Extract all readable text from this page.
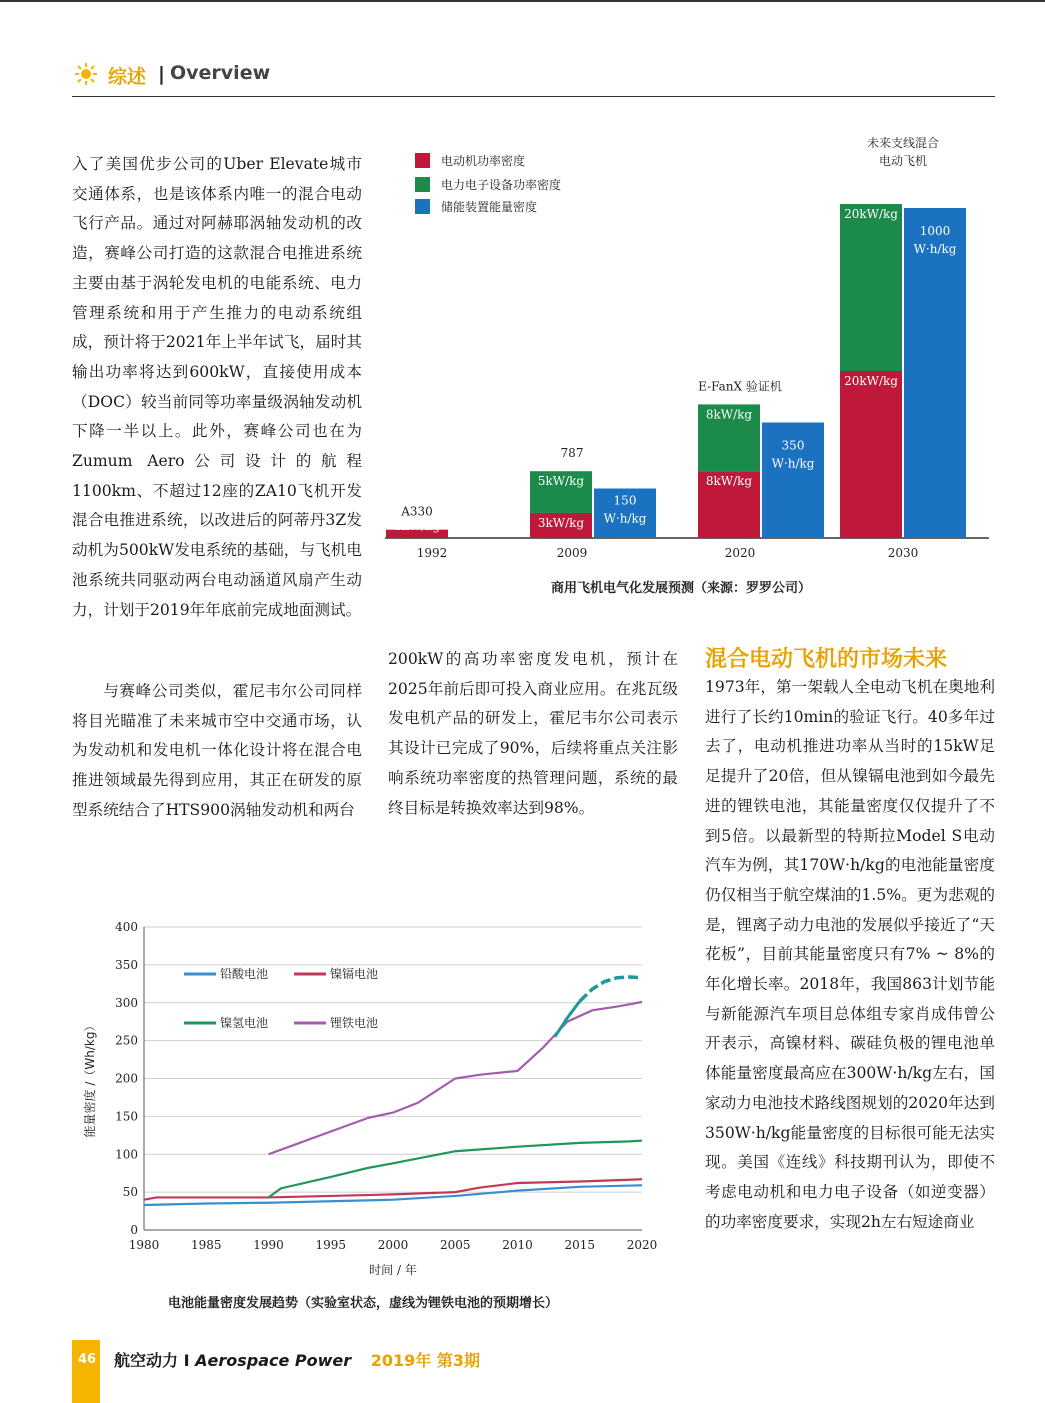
综述 | Overview

入了美国优步公司的Uber Elevate城市交通体系，也是该体系内唯一的混合电动飞行产品。通过对阿赫耶涡轴发动机的改造，赛峰公司打造的这款混合电推进系统主要由基于涡轮发电机的电能系统、电力管理系统和用于产生推力的电动系统组成，预计将于2021年上半年试飞，届时其输出功率将达到600kW，直接使用成本（DOC）较当前同等功率量级涡轴发动机下降一半以上。此外，赛峰公司也在为Zumum Aero公司设计的航程1100km、不超过12座的ZA10飞机开发混合电推进系统，以改进后的阿蒂丹3Z发动机为500kW发电系统的基础，与飞机电池系统共同驱动两台电动涵道风扇产生动力，计划于2019年年底前完成地面测试。

与赛峰公司类似，霍尼韦尔公司同样将目光瞄准了未来城市空中交通市场，认为发动机和发电机一体化设计将在混合电推进领域最先得到应用，其正在研发的原型系统结合了HTS900涡轴发动机和两台

200kW的高功率密度发电机，预计在2025年前后即可投入商业应用。在兆瓦级发电机产品的研发上，霍尼韦尔公司表示其设计已完成了90%，后续将重点关注影响系统功率密度的热管理问题，系统的最终目标是转换效率达到98%。

混合电动飞机的市场未来

1973年，第一架载人全电动飞机在奥地利进行了长约10min的验证飞行。40多年过去了，电动机推进功率从当时的15kW足足提升了20倍，但从镍镉电池到如今最先进的锂铁电池，其能量密度仅仅提升了不到5倍。以最新型的特斯拉Model S电动汽车为例，其170W·h/kg的电池能量密度仍仅相当于航空煤油的1.5%。更为悲观的是，锂离子动力电池的发展似乎接近了“天花板”，目前其能量密度只有7% ~ 8%的年化增长率。2018年，我国863计划节能与新能源汽车项目总体组专家肖成伟曾公开表示，高镍材料、碳硅负极的锂电池单体能量密度最高应在300W·h/kg左右，国家动力电池技术路线图规划的2020年达到350W·h/kg能量密度的目标很可能无法实现。美国《连线》科技期刊认为，即使不考虑电动机和电力电子设备（如逆变器）的功率密度要求，实现2h左右短途商业

电动机功率密度
电力电子设备功率密度
储能装置能量密度
1kW/kg
1992
A330
3kW/kg
5kW/kg
150 W·h/kg
2009
787
8kW/kg
8kW/kg
350 W·h/kg
2020
E-FanX 验证机	20kW/kg
20kW/kg
1000 W·h/kg
2030
未来支线混合电动飞机
商用飞机电气化发展预测（来源：罗罗公司）
0
50
100
150
200
250
300
350
400
1980	1985	1990	1995	2000	2005	2010	2015	2020
时间 / 年
能量密度 /（Wh/kg）
铅酸电池	镍镉电池
镍氢电池	锂铁电池
电池能量密度发展趋势（实验室状态，虚线为锂铁电池的预期增长）
46 航空动力 I Aerospace Power 2019年 第3期
